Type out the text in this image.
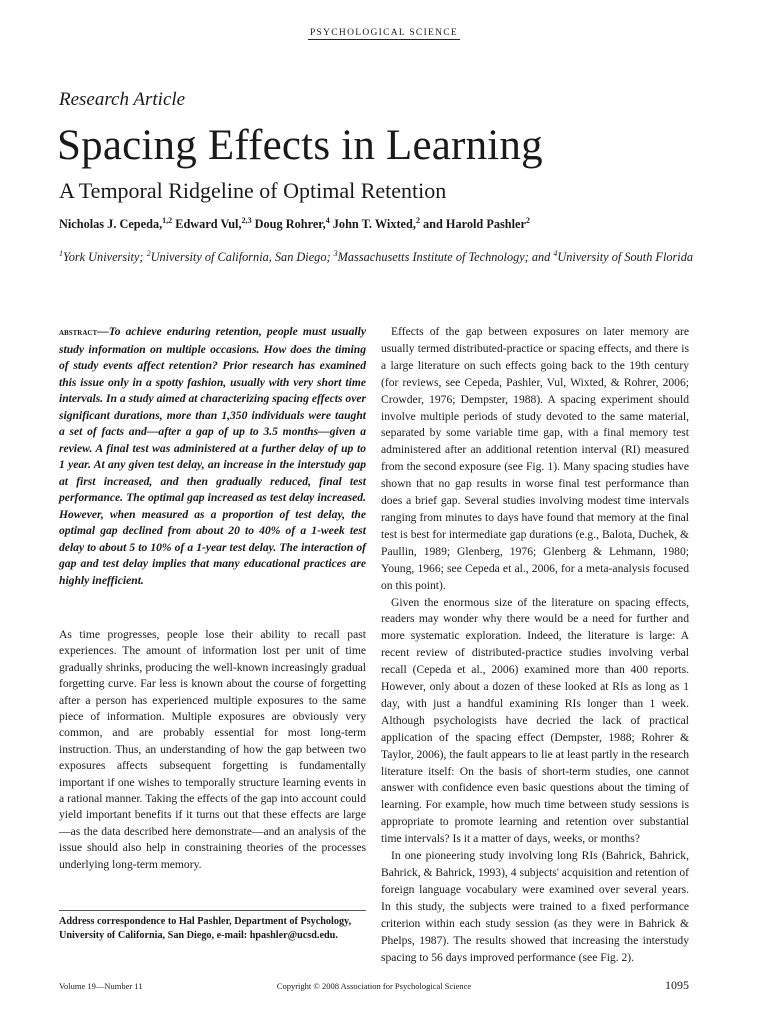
PSYCHOLOGICAL SCIENCE
Research Article
Spacing Effects in Learning
A Temporal Ridgeline of Optimal Retention
Nicholas J. Cepeda,$^{1,2}$ Edward Vul,$^{2,3}$ Doug Rohrer,$^4$ John T. Wixted,$^2$ and Harold Pashler$^2$
$^1$York University; $^2$University of California, San Diego; $^3$Massachusetts Institute of Technology; and $^4$University of South Florida
abstract—To achieve enduring retention, people must usually study information on multiple occasions. How does the timing of study events affect retention? Prior research has examined this issue only in a spotty fashion, usually with very short time intervals. In a study aimed at characterizing spacing effects over significant durations, more than 1,350 individuals were taught a set of facts and—after a gap of up to 3.5 months—given a review. A final test was administered at a further delay of up to 1 year. At any given test delay, an increase in the interstudy gap at first increased, and then gradually reduced, final test performance. The optimal gap increased as test delay increased. However, when measured as a proportion of test delay, the optimal gap declined from about 20 to 40% of a 1-week test delay to about 5 to 10% of a 1-year test delay. The interaction of gap and test delay implies that many educational practices are highly inefficient.

As time progresses, people lose their ability to recall past experiences. The amount of information lost per unit of time gradually shrinks, producing the well-known increasingly gradual forgetting curve. Far less is known about the course of forgetting after a person has experienced multiple exposures to the same piece of information. Multiple exposures are obviously very common, and are probably essential for most long-term instruction. Thus, an understanding of how the gap between two exposures affects subsequent forgetting is fundamentally important if one wishes to temporally structure learning events in a rational manner. Taking the effects of the gap into account could yield important benefits if it turns out that these effects are large—as the data described here demonstrate—and an analysis of the issue should also help in constraining theories of the processes underlying long-term memory.

Address correspondence to Hal Pashler, Department of Psychology, University of California, San Diego, e-mail: hpashler@ucsd.edu.

Effects of the gap between exposures on later memory are usually termed distributed-practice or spacing effects, and there is a large literature on such effects going back to the 19th century (for reviews, see Cepeda, Pashler, Vul, Wixted, & Rohrer, 2006; Crowder, 1976; Dempster, 1988). A spacing experiment should involve multiple periods of study devoted to the same material, separated by some variable time gap, with a final memory test administered after an additional retention interval (RI) measured from the second exposure (see Fig. 1). Many spacing studies have shown that no gap results in worse final test performance than does a brief gap. Several studies involving modest time intervals ranging from minutes to days have found that memory at the final test is best for intermediate gap durations (e.g., Balota, Duchek, & Paullin, 1989; Glenberg, 1976; Glenberg & Lehmann, 1980; Young, 1966; see Cepeda et al., 2006, for a meta-analysis focused on this point).

Given the enormous size of the literature on spacing effects, readers may wonder why there would be a need for further and more systematic exploration. Indeed, the literature is large: A recent review of distributed-practice studies involving verbal recall (Cepeda et al., 2006) examined more than 400 reports. However, only about a dozen of these looked at RIs as long as 1 day, with just a handful examining RIs longer than 1 week. Although psychologists have decried the lack of practical application of the spacing effect (Dempster, 1988; Rohrer & Taylor, 2006), the fault appears to lie at least partly in the research literature itself: On the basis of short-term studies, one cannot answer with confidence even basic questions about the timing of learning. For example, how much time between study sessions is appropriate to promote learning and retention over substantial time intervals? Is it a matter of days, weeks, or months?

In one pioneering study involving long RIs (Bahrick, Bahrick, Bahrick, & Bahrick, 1993), 4 subjects' acquisition and retention of foreign language vocabulary were examined over several years. In this study, the subjects were trained to a fixed performance criterion within each study session (as they were in Bahrick & Phelps, 1987). The results showed that increasing the interstudy spacing to 56 days improved performance (see Fig. 2).

Volume 19—Number 11	Copyright © 2008 Association for Psychological Science	1095
